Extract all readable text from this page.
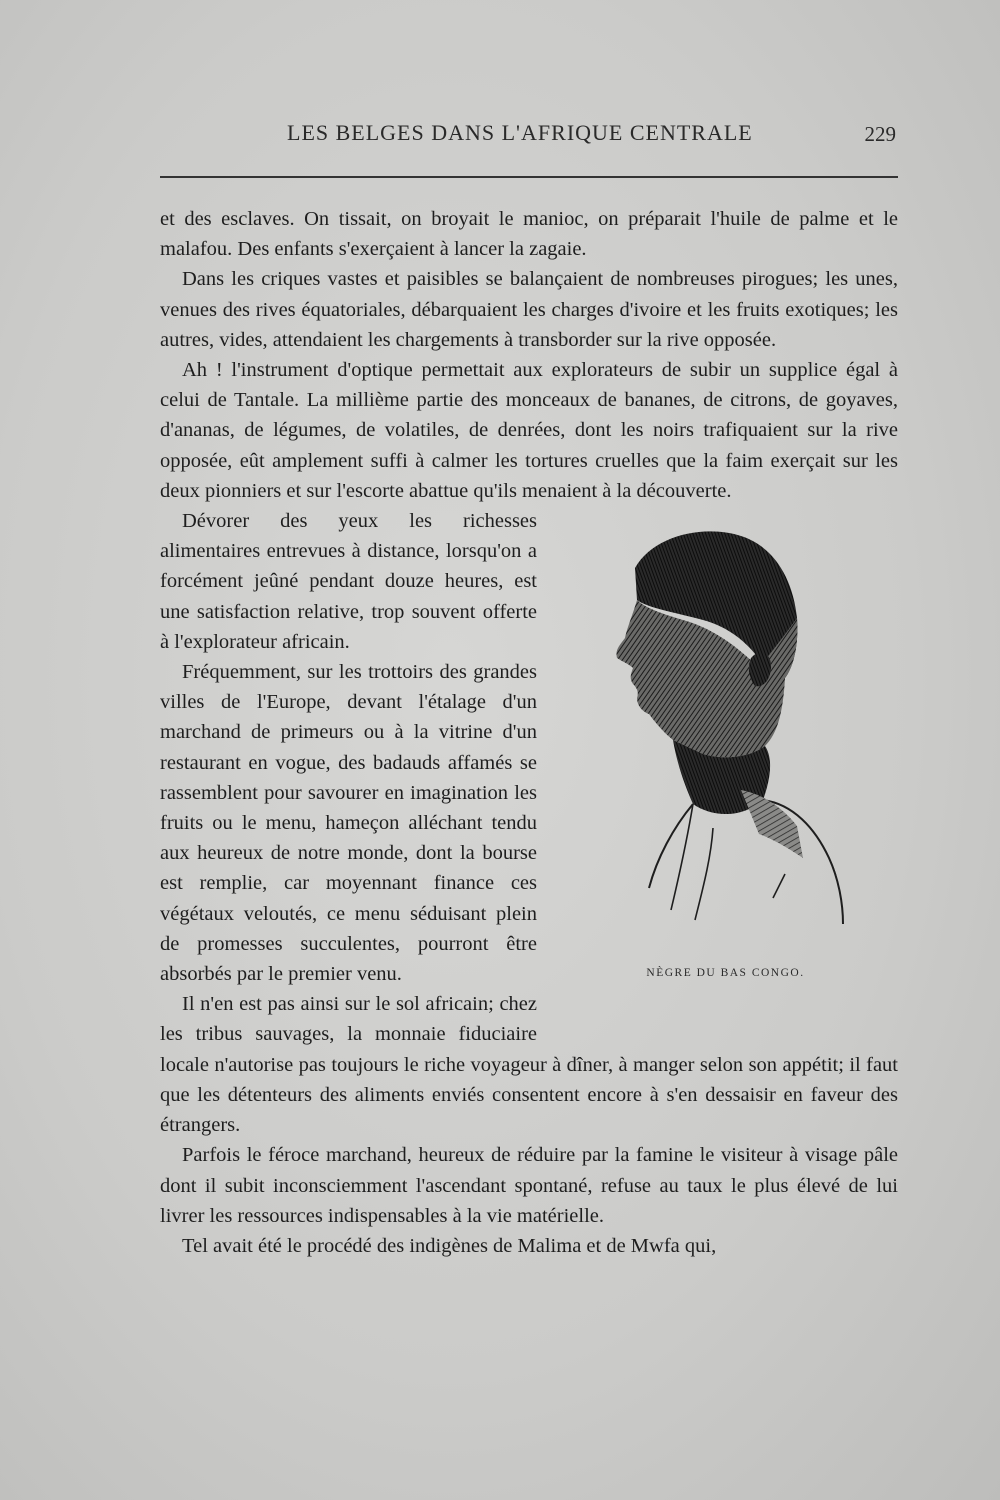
LES BELGES DANS L'AFRIQUE CENTRALE	229

et des esclaves. On tissait, on broyait le manioc, on préparait l'huile de palme et le malafou. Des enfants s'exerçaient à lancer la zagaie.

Dans les criques vastes et paisibles se balançaient de nombreuses pirogues; les unes, venues des rives équatoriales, débarquaient les charges d'ivoire et les fruits exotiques; les autres, vides, attendaient les chargements à transborder sur la rive opposée.

Ah ! l'instrument d'optique permettait aux explorateurs de subir un supplice égal à celui de Tantale. La millième partie des monceaux de bananes, de citrons, de goyaves, d'ananas, de légumes, de volatiles, de denrées, dont les noirs trafiquaient sur la rive opposée, eût amplement suffi à calmer les tortures cruelles que la faim exerçait sur les deux pionniers et sur l'escorte abattue qu'ils menaient à la découverte.

NÈGRE DU BAS CONGO.

Dévorer des yeux les richesses alimentaires entrevues à distance, lorsqu'on a forcément jeûné pendant douze heures, est une satisfaction relative, trop souvent offerte à l'explorateur africain.

Fréquemment, sur les trottoirs des grandes villes de l'Europe, devant l'étalage d'un marchand de primeurs ou à la vitrine d'un restaurant en vogue, des badauds affamés se rassemblent pour savourer en imagination les fruits ou le menu, hameçon alléchant tendu aux heureux de notre monde, dont la bourse est remplie, car moyennant finance ces végétaux veloutés, ce menu séduisant plein de promesses succulentes, pourront être absorbés par le premier venu.

Il n'en est pas ainsi sur le sol africain; chez les tribus sauvages, la monnaie fiduciaire locale n'autorise pas toujours le riche voyageur à dîner, à manger selon son appétit; il faut que les détenteurs des aliments enviés consentent encore à s'en dessaisir en faveur des étrangers.

Parfois le féroce marchand, heureux de réduire par la famine le visiteur à visage pâle dont il subit inconsciemment l'ascendant spontané, refuse au taux le plus élevé de lui livrer les ressources indispensables à la vie matérielle.

Tel avait été le procédé des indigènes de Malima et de Mwfa qui,
